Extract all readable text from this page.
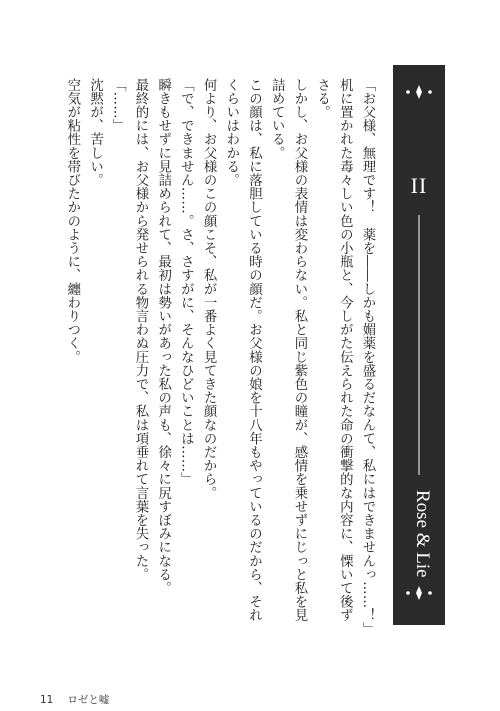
II
Rose & Lie

「お父様、無理です！　薬を――しかも媚薬を盛るだなんて、私にはできませんっ……！」

机に置かれた毒々しい色の小瓶と、今しがた伝えられた命の衝撃的な内容に、慄いて後ずさる。

しかし、お父様の表情は変わらない。私と同じ紫色の瞳が、感情を乗せずにじっと私を見詰めている。

この顔は、私に落胆している時の顔だ。お父様の娘を十八年もやっているのだから、それくらいはわかる。

何より、お父様のこの顔こそ、私が一番よく見てきた顔なのだから。

「で、できません……。さ、さすがに、そんなひどいことは……」

瞬きもせずに見詰められて、最初は勢いがあった私の声も、徐々に尻すぼみになる。

最終的には、お父様から発せられる物言わぬ圧力で、私は項垂れて言葉を失った。

「……」

沈黙が、苦しい。

空気が粘性を帯びたかのように、纏わりつく。

11 ロゼと嘘
